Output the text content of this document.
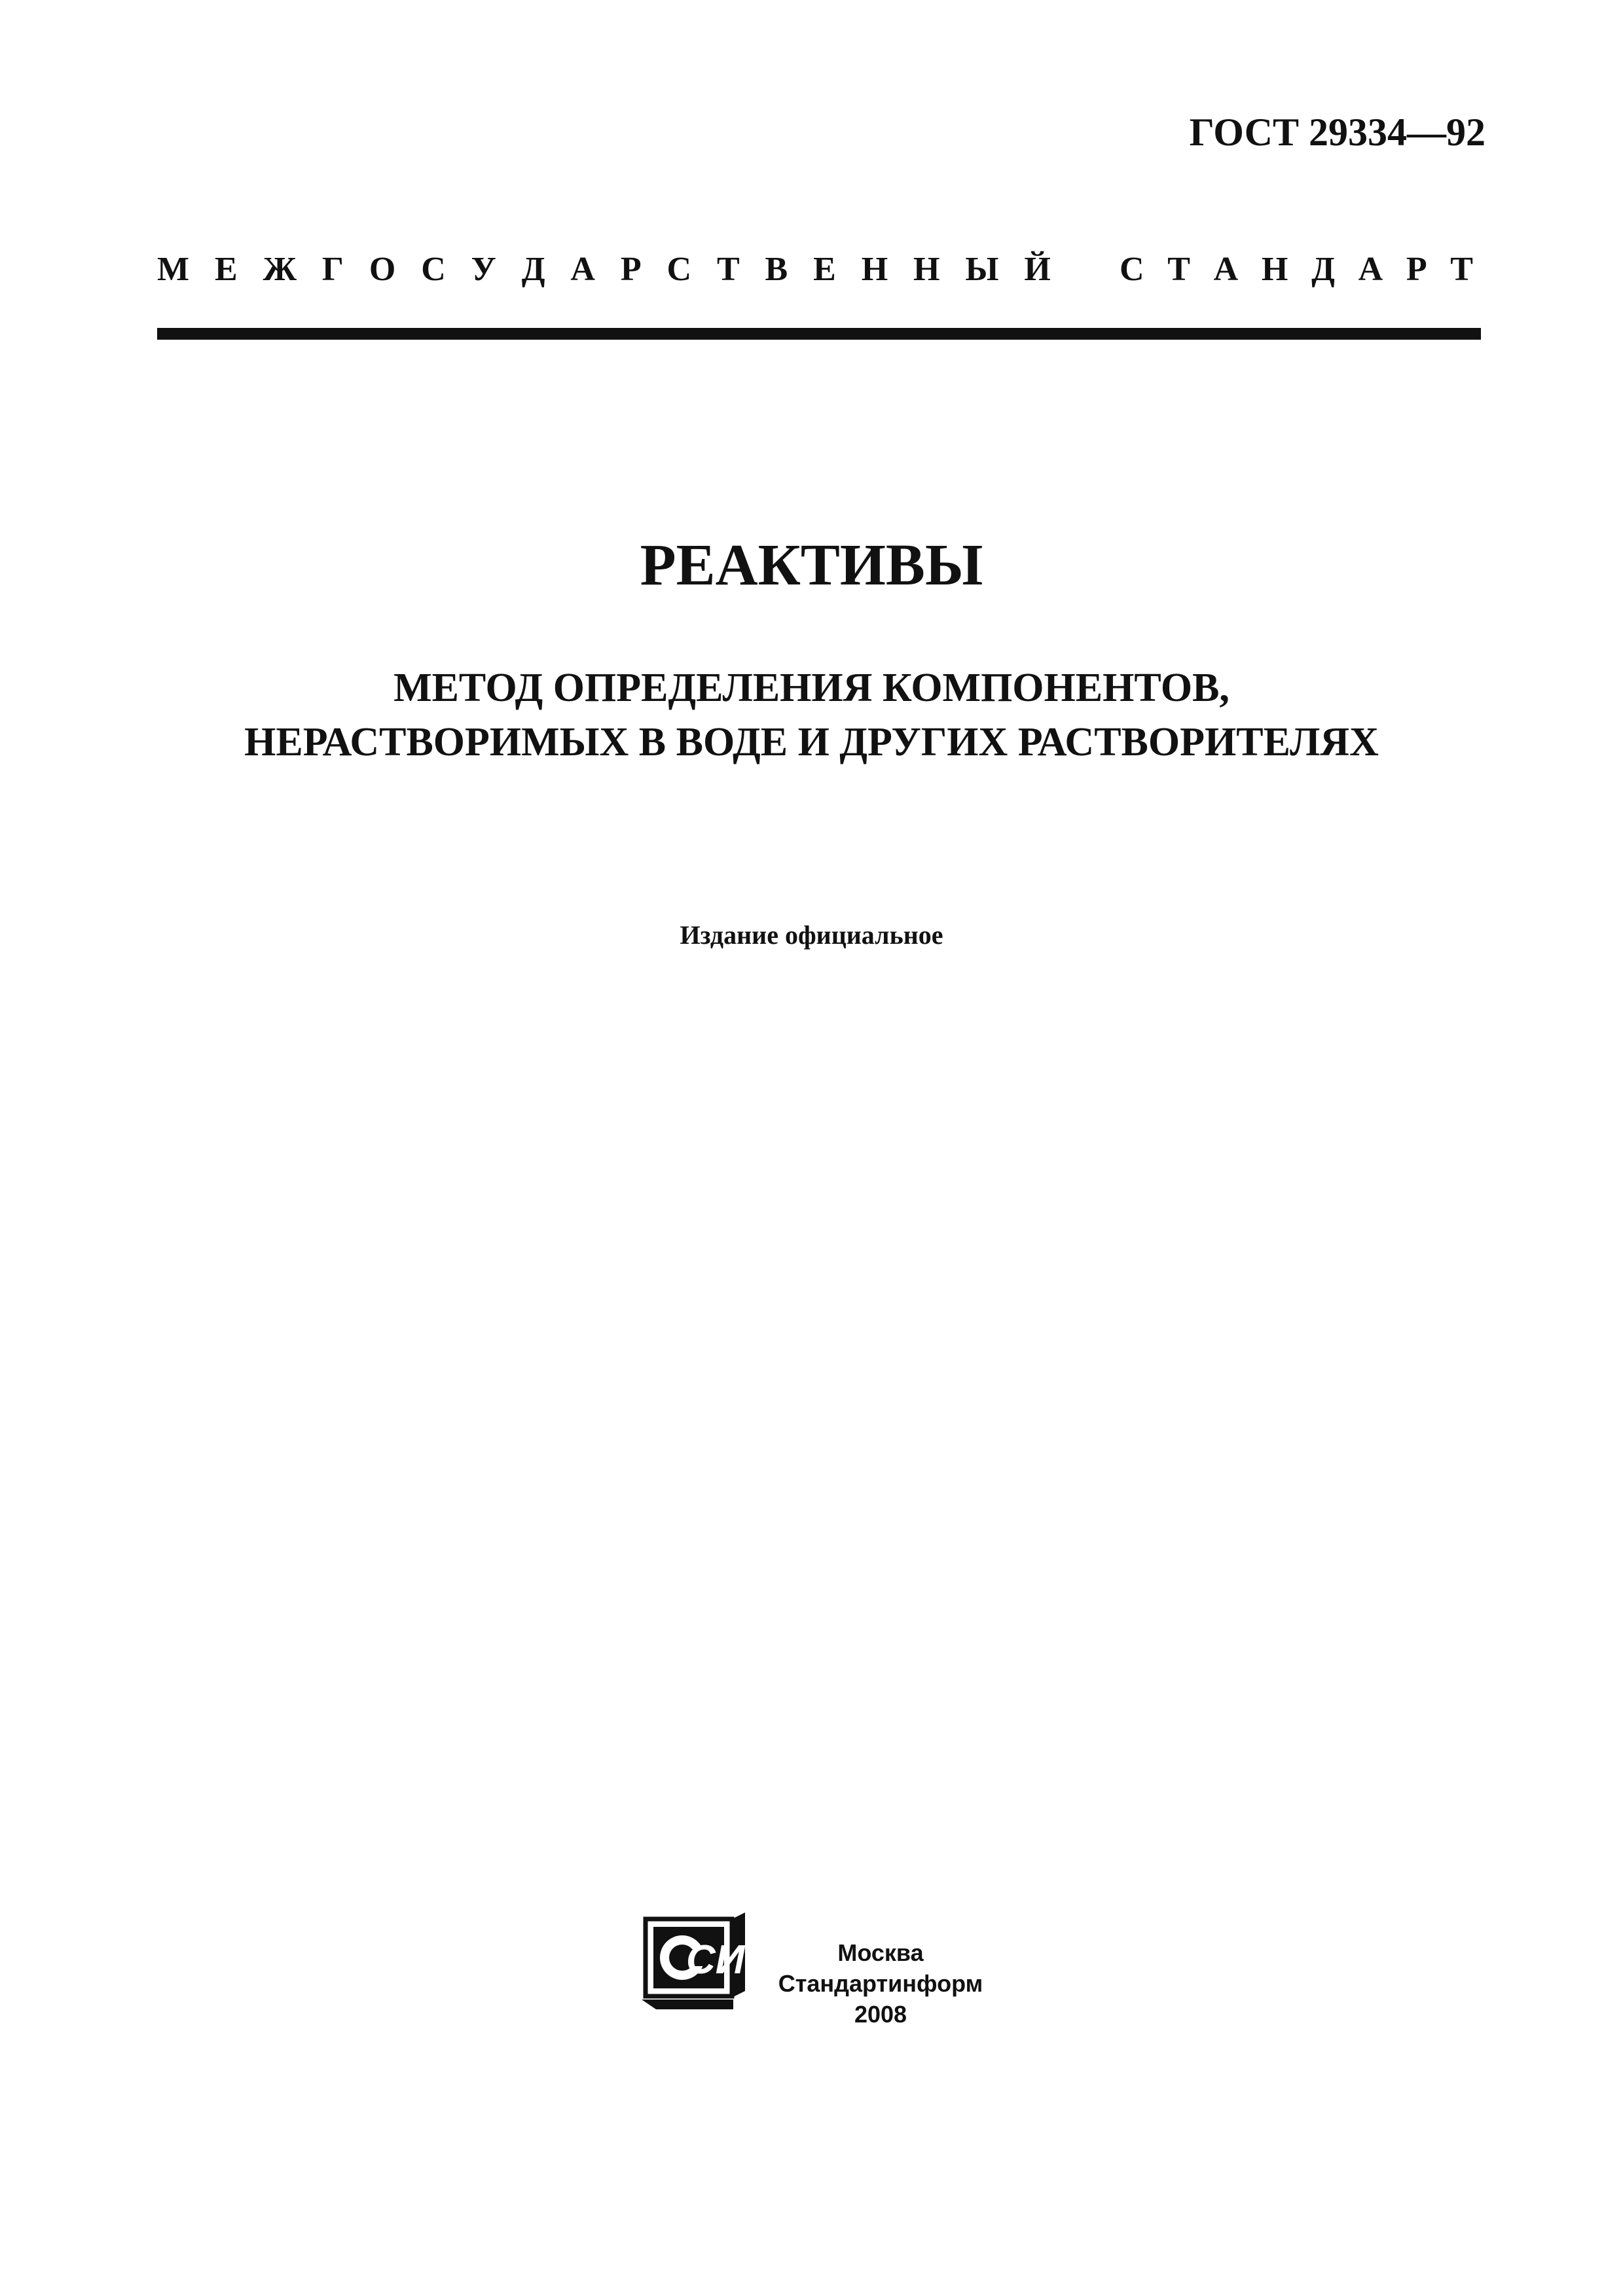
ГОСТ 29334—92
М Е Ж Г О С У Д А Р С Т В Е Н Н Ы Й С Т А Н Д А Р Т
РЕАКТИВЫ
МЕТОД ОПРЕДЕЛЕНИЯ КОМПОНЕНТОВ,
НЕРАСТВОРИМЫХ В ВОДЕ И ДРУГИХ РАСТВОРИТЕЛЯХ
Издание официальное
СИ	Москва
Стандартинформ
2008
